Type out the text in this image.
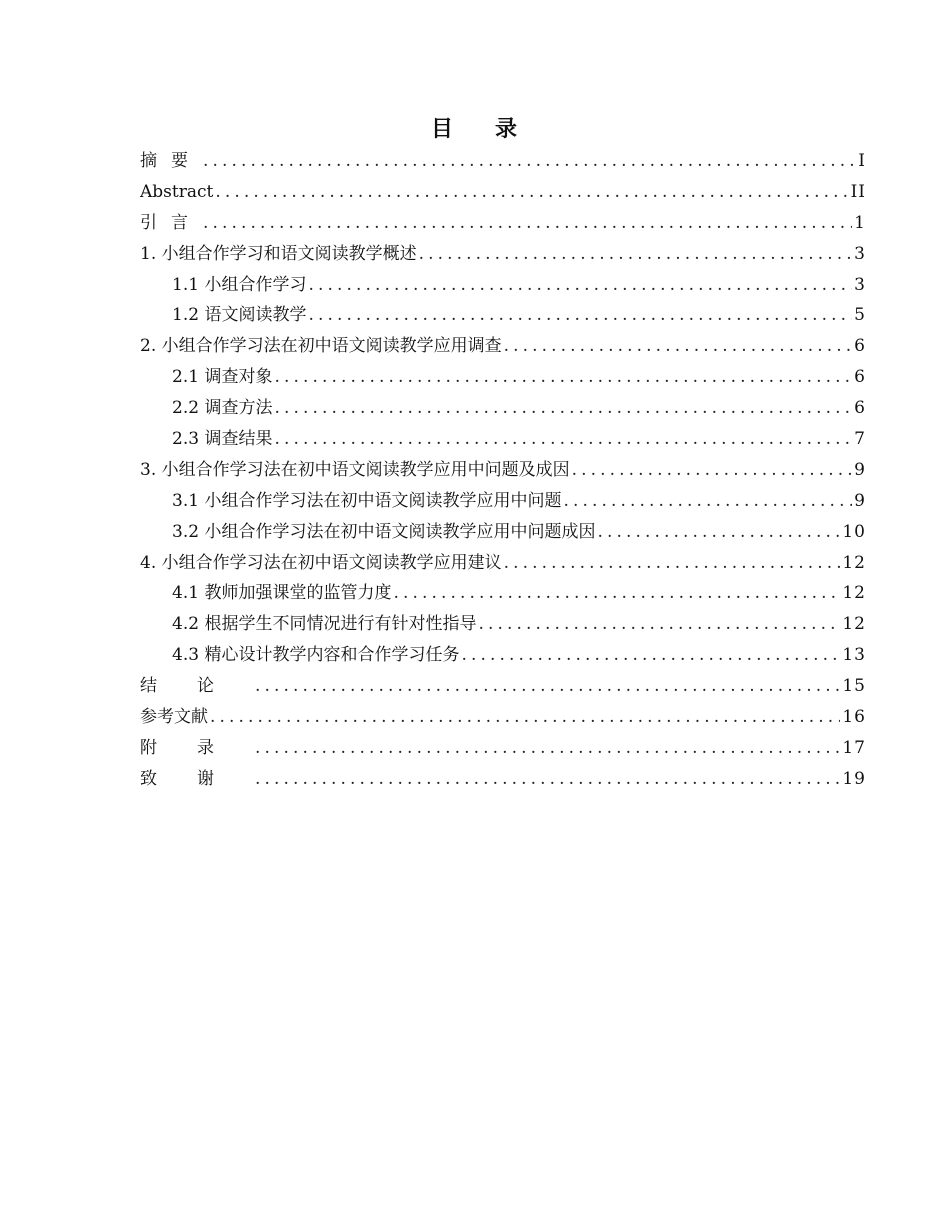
目 录
摘要 .....	I
Abstract .....	II
引言 .....	1
1. 小组合作学习和语文阅读教学概述 .....	3
1.1 小组合作学习 .....	3
1.2 语文阅读教学 .....	5
2. 小组合作学习法在初中语文阅读教学应用调查 .....	6
2.1 调查对象 .....	6
2.2 调查方法 .....	6
2.3 调查结果 .....	7
3. 小组合作学习法在初中语文阅读教学应用中问题及成因 .....	9
3.1 小组合作学习法在初中语文阅读教学应用中问题 .....	9
3.2 小组合作学习法在初中语文阅读教学应用中问题成因 .....	10
4. 小组合作学习法在初中语文阅读教学应用建议 .....	12
4.1 教师加强课堂的监管力度 .....	12
4.2 根据学生不同情况进行有针对性指导 .....	12
4.3 精心设计教学内容和合作学习任务 .....	13
结论 .....	15
参考文献 .....	16
附录 .....	17
致谢 .....	19
